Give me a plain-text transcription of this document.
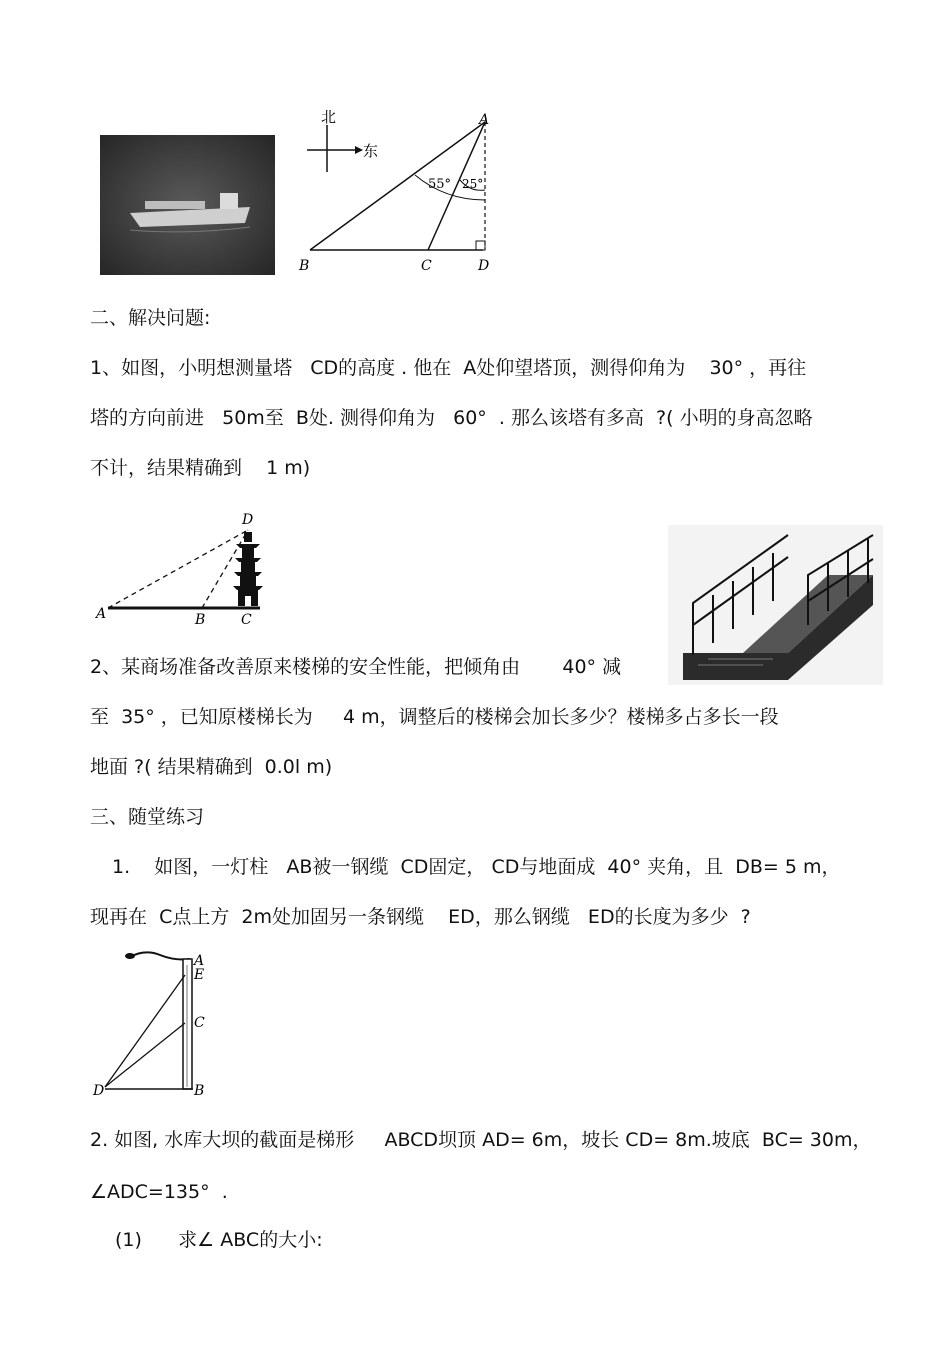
北
东
55° 25°
A
B	C	D
二、解决问题:
1、如图，小明想测量塔   CD的高度 . 他在  A处仰望塔顶，测得仰角为    30° ，再往
塔的方向前进   50m至  B处. 测得仰角为   60°  . 那么该塔有多高  ?( 小明的身高忽略
不计，结果精确到    1 m)
D
A	B	C
2、某商场准备改善原来楼梯的安全性能，把倾角由       40° 减
至  35° ，已知原楼梯长为     4 m，调整后的楼梯会加长多少？楼梯多占多长一段
地面 ?( 结果精确到  0.0l m)
三、随堂练习
1.    如图，一灯柱   AB被一钢缆  CD固定， CD与地面成  40° 夹角，且  DB= 5 m，
现再在  C点上方  2m处加固另一条钢缆    ED，那么钢缆   ED的长度为多少  ?
A
E
C
D	B
2. 如图, 水库大坝的截面是梯形     ABCD坝顶 AD= 6m，坡长 CD= 8m.坡底  BC= 30m，
∠ADC=135°  .
(1)      求∠ ABC的大小:
